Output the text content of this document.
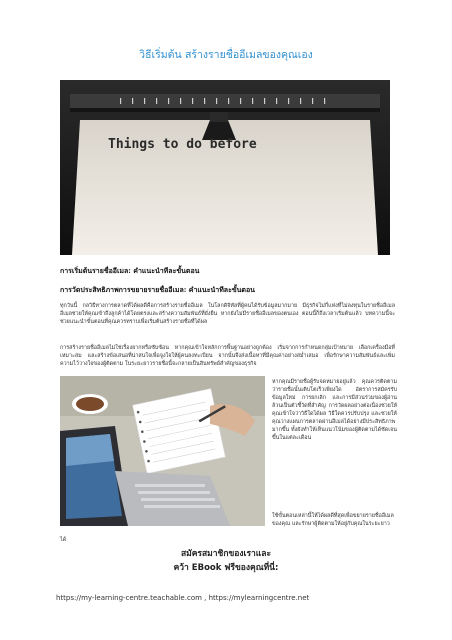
วิธีเริ่มต้น สร้างรายชื่ออีเมลของคุณเอง
Things to do before
การเริ่มต้นรายชื่ออีเมล: คำแนะนำทีละขั้นตอน
การวัดประสิทธิภาพการขยายรายชื่ออีเมล: คำแนะนำทีละขั้นตอน

ทุกวันนี้ กลวิธีทางการตลาดที่ได้ผลดีคือการสร้างรายชื่ออีเมล ในโลกดิจิทัลที่ผู้คนได้รับข้อมูลมากมาย มีธุรกิจไม่กี่แห่งที่ไม่ลงทุนในรายชื่ออีเมล อีเมลช่วยให้คุณเข้าถึงลูกค้าได้โดยตรงและสร้างความสัมพันธ์ที่ยั่งยืน หากยังไม่มีรายชื่ออีเมลของตนเอง ตอนนี้ก็ถึงเวลาเริ่มต้นแล้ว บทความนี้จะช่วยแนะนำขั้นตอนที่คุณควรทราบเพื่อเริ่มต้นสร้างรายชื่อที่ได้ผล

การสร้างรายชื่ออีเมลไม่ใช่เรื่องยากหรือซับซ้อน หากคุณเข้าใจหลักการพื้นฐานอย่างถูกต้อง เริ่มจากการกำหนดกลุ่มเป้าหมาย เลือกเครื่องมือที่เหมาะสม และสร้างข้อเสนอที่น่าสนใจเพื่อจูงใจให้ผู้คนลงทะเบียน จากนั้นจึงส่งเนื้อหาที่มีคุณค่าอย่างสม่ำเสมอ เพื่อรักษาความสัมพันธ์และเพิ่มความไว้วางใจของผู้ติดตาม ในระยะยาวรายชื่อนี้จะกลายเป็นสินทรัพย์สำคัญของธุรกิจ

หากคุณมีรายชื่อผู้รับจดหมายอยู่แล้ว คุณควรติดตามว่ารายชื่อนั้นเติบโตเร็วเพียงใด อัตราการสมัครรับข้อมูลใหม่ การยกเลิก และการมีส่วนร่วมของผู้อ่านล้วนเป็นตัวชี้วัดที่สำคัญ การวัดผลอย่างต่อเนื่องช่วยให้คุณเข้าใจว่าวิธีใดได้ผล วิธีใดควรปรับปรุง และช่วยให้คุณวางแผนการตลาดผ่านอีเมลได้อย่างมีประสิทธิภาพมากขึ้น ทั้งยังทำให้เห็นแนวโน้มของผู้ติดตามได้ชัดเจนขึ้นในแต่ละเดือน

ใช้ขั้นตอนเหล่านี้ให้ได้ผลดีที่สุดเพื่อขยายรายชื่ออีเมลของคุณ และรักษาผู้ติดตามให้อยู่กับคุณในระยะยาว

ได้

สมัครสมาชิกของเราและ
คว้า EBook ฟรีของคุณที่นี่:
https://my-learning-centre.teachable.com , https://mylearningcentre.net
